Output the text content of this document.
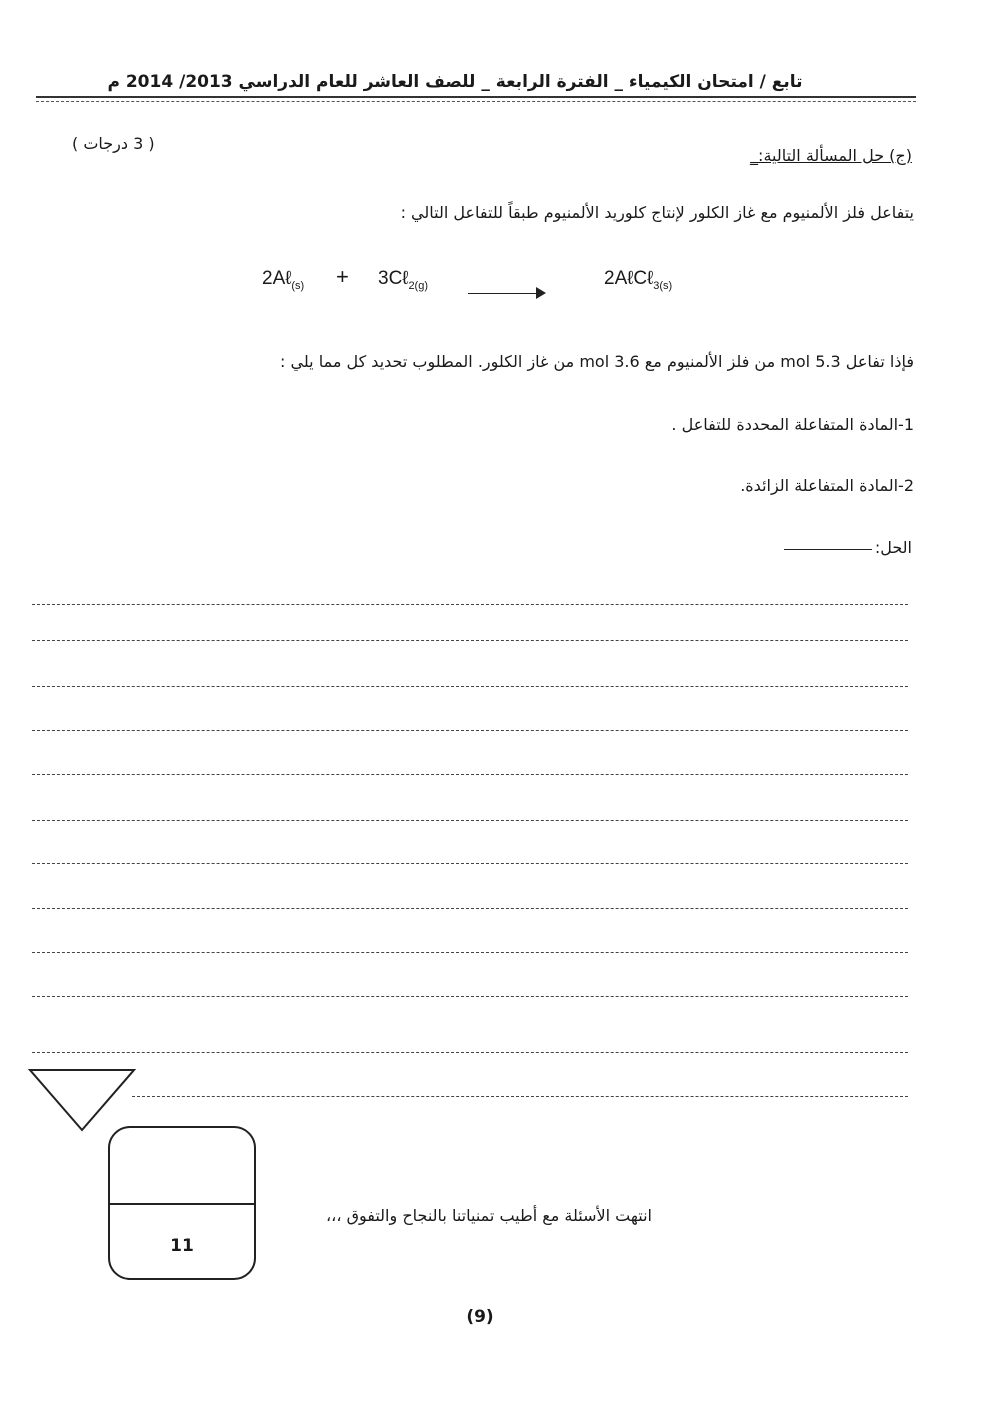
تابع / امتحان الكيمياء _ الفترة الرابعة _ للصف العاشر للعام الدراسي 2013/ 2014 م
( 3 درجات )
(ج) حل المسألة التالية:_
يتفاعل فلز الألمنيوم مع غاز الكلور لإنتاج كلوريد الألمنيوم طبقاً للتفاعل التالي :
2Aℓ$_{(s)}$ + 3Cℓ$_{2(g)}$	2AℓCℓ$_{3(s)}$
فإذا تفاعل 5.3 mol من فلز الألمنيوم مع 3.6 mol من غاز الكلور. المطلوب تحديد كل مما يلي :
1-المادة المتفاعلة المحددة للتفاعل .
2-المادة المتفاعلة الزائدة.
الحل:
11
انتهت الأسئلة مع أطيب تمنياتنا بالنجاح والتفوق ،،،
(9)
